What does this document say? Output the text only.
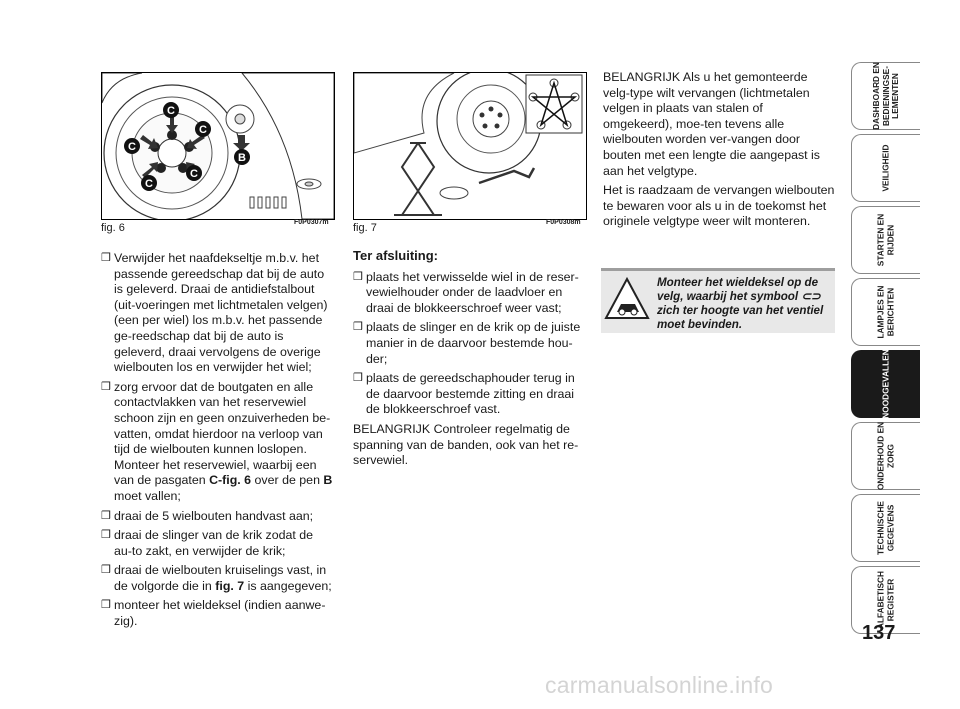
C
C
C
C
C
B
fig. 6	F0P0307m fig. 7	F0P0308m
❒ Verwijder het naafdekseltje m.b.v. het passende gereedschap dat bij de auto is geleverd. Draai de antidiefstalbout (uit-voeringen met lichtmetalen velgen) (een per wiel) los m.b.v. het passende ge-reedschap dat bij de auto is geleverd, draai vervolgens de overige wielbouten los en verwijder het wiel;
❒ zorg ervoor dat de boutgaten en alle contactvlakken van het reservewiel schoon zijn en geen onzuiverheden be-vatten, omdat hierdoor na verloop van tijd de wielbouten kunnen loslopen. Monteer het reservewiel, waarbij een van de pasgaten C-fig. 6 over de pen B moet vallen;
❒ draai de 5 wielbouten handvast aan;
❒ draai de slinger van de krik zodat de au-to zakt, en verwijder de krik;
❒ draai de wielbouten kruiselings vast, in de volgorde die in fig. 7 is aangegeven;
❒ monteer het wieldeksel (indien aanwe-zig).
Ter afsluiting:
❒ plaats het verwisselde wiel in de reser-vewielhouder onder de laadvloer en draai de blokkeerschroef weer vast;
❒ plaats de slinger en de krik op de juiste manier in de daarvoor bestemde hou-der;
❒ plaats de gereedschaphouder terug in de daarvoor bestemde zitting en draai de blokkeerschroef vast.

BELANGRIJK Controleer regelmatig de spanning van de banden, ook van het re-servewiel.

BELANGRIJK Als u het gemonteerde velg-type wilt vervangen (lichtmetalen velgen in plaats van stalen of omgekeerd), moe-ten tevens alle wielbouten worden ver-vangen door bouten met een lengte die aangepast is aan het velgtype.

Het is raadzaam de vervangen wielbouten te bewaren voor als u in de toekomst het originele velgtype weer wilt monteren.

Monteer het wieldeksel op de velg, waarbij het symbool ⊂⊃ zich ter hoogte van het ventiel moet bevinden.
DASHBOARD EN
BEDIENINGSE-
LEMENTEN
VEILIGHEID
STARTEN EN
RIJDEN
LAMPJES EN
BERICHTEN
NOODGEVALLEN
ONDERHOUD EN
ZORG
TECHNISCHE
GEGEVENS
ALFABETISCH
REGISTER
137
carmanualsonline.info
